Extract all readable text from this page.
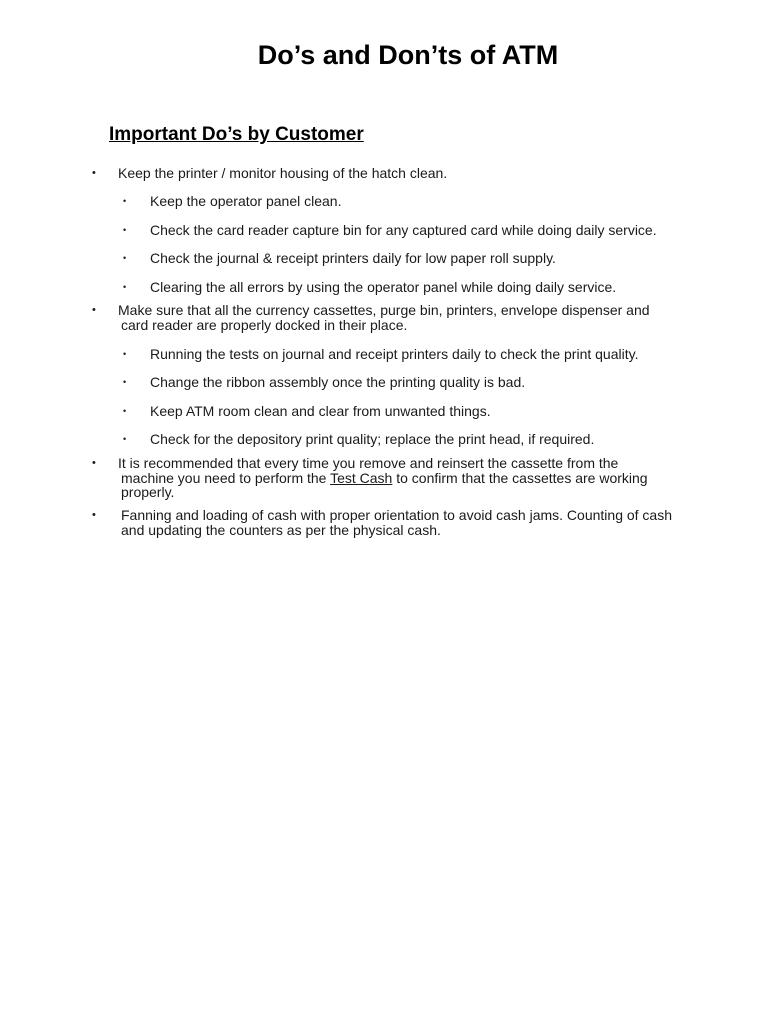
Do’s and Don’ts of ATM
Important Do’s by Customer
• Keep the printer / monitor housing of the hatch clean.
• Keep the operator panel clean.
• Check the card reader capture bin for any captured card while doing daily service.
• Check the journal & receipt printers daily for low paper roll supply.
• Clearing the all errors by using the operator panel while doing daily service.
• Make sure that all the currency cassettes, purge bin, printers, envelope dispenser and
card reader are properly docked in their place.
• Running the tests on journal and receipt printers daily to check the print quality.
• Change the ribbon assembly once the printing quality is bad.
• Keep ATM room clean and clear from unwanted things.
• Check for the depository print quality; replace the print head, if required.
• It is recommended that every time you remove and reinsert the cassette from the
machine you need to perform the Test Cash to confirm that the cassettes are working
properly.
• Fanning and loading of cash with proper orientation to avoid cash jams. Counting of cash
and updating the counters as per the physical cash.
